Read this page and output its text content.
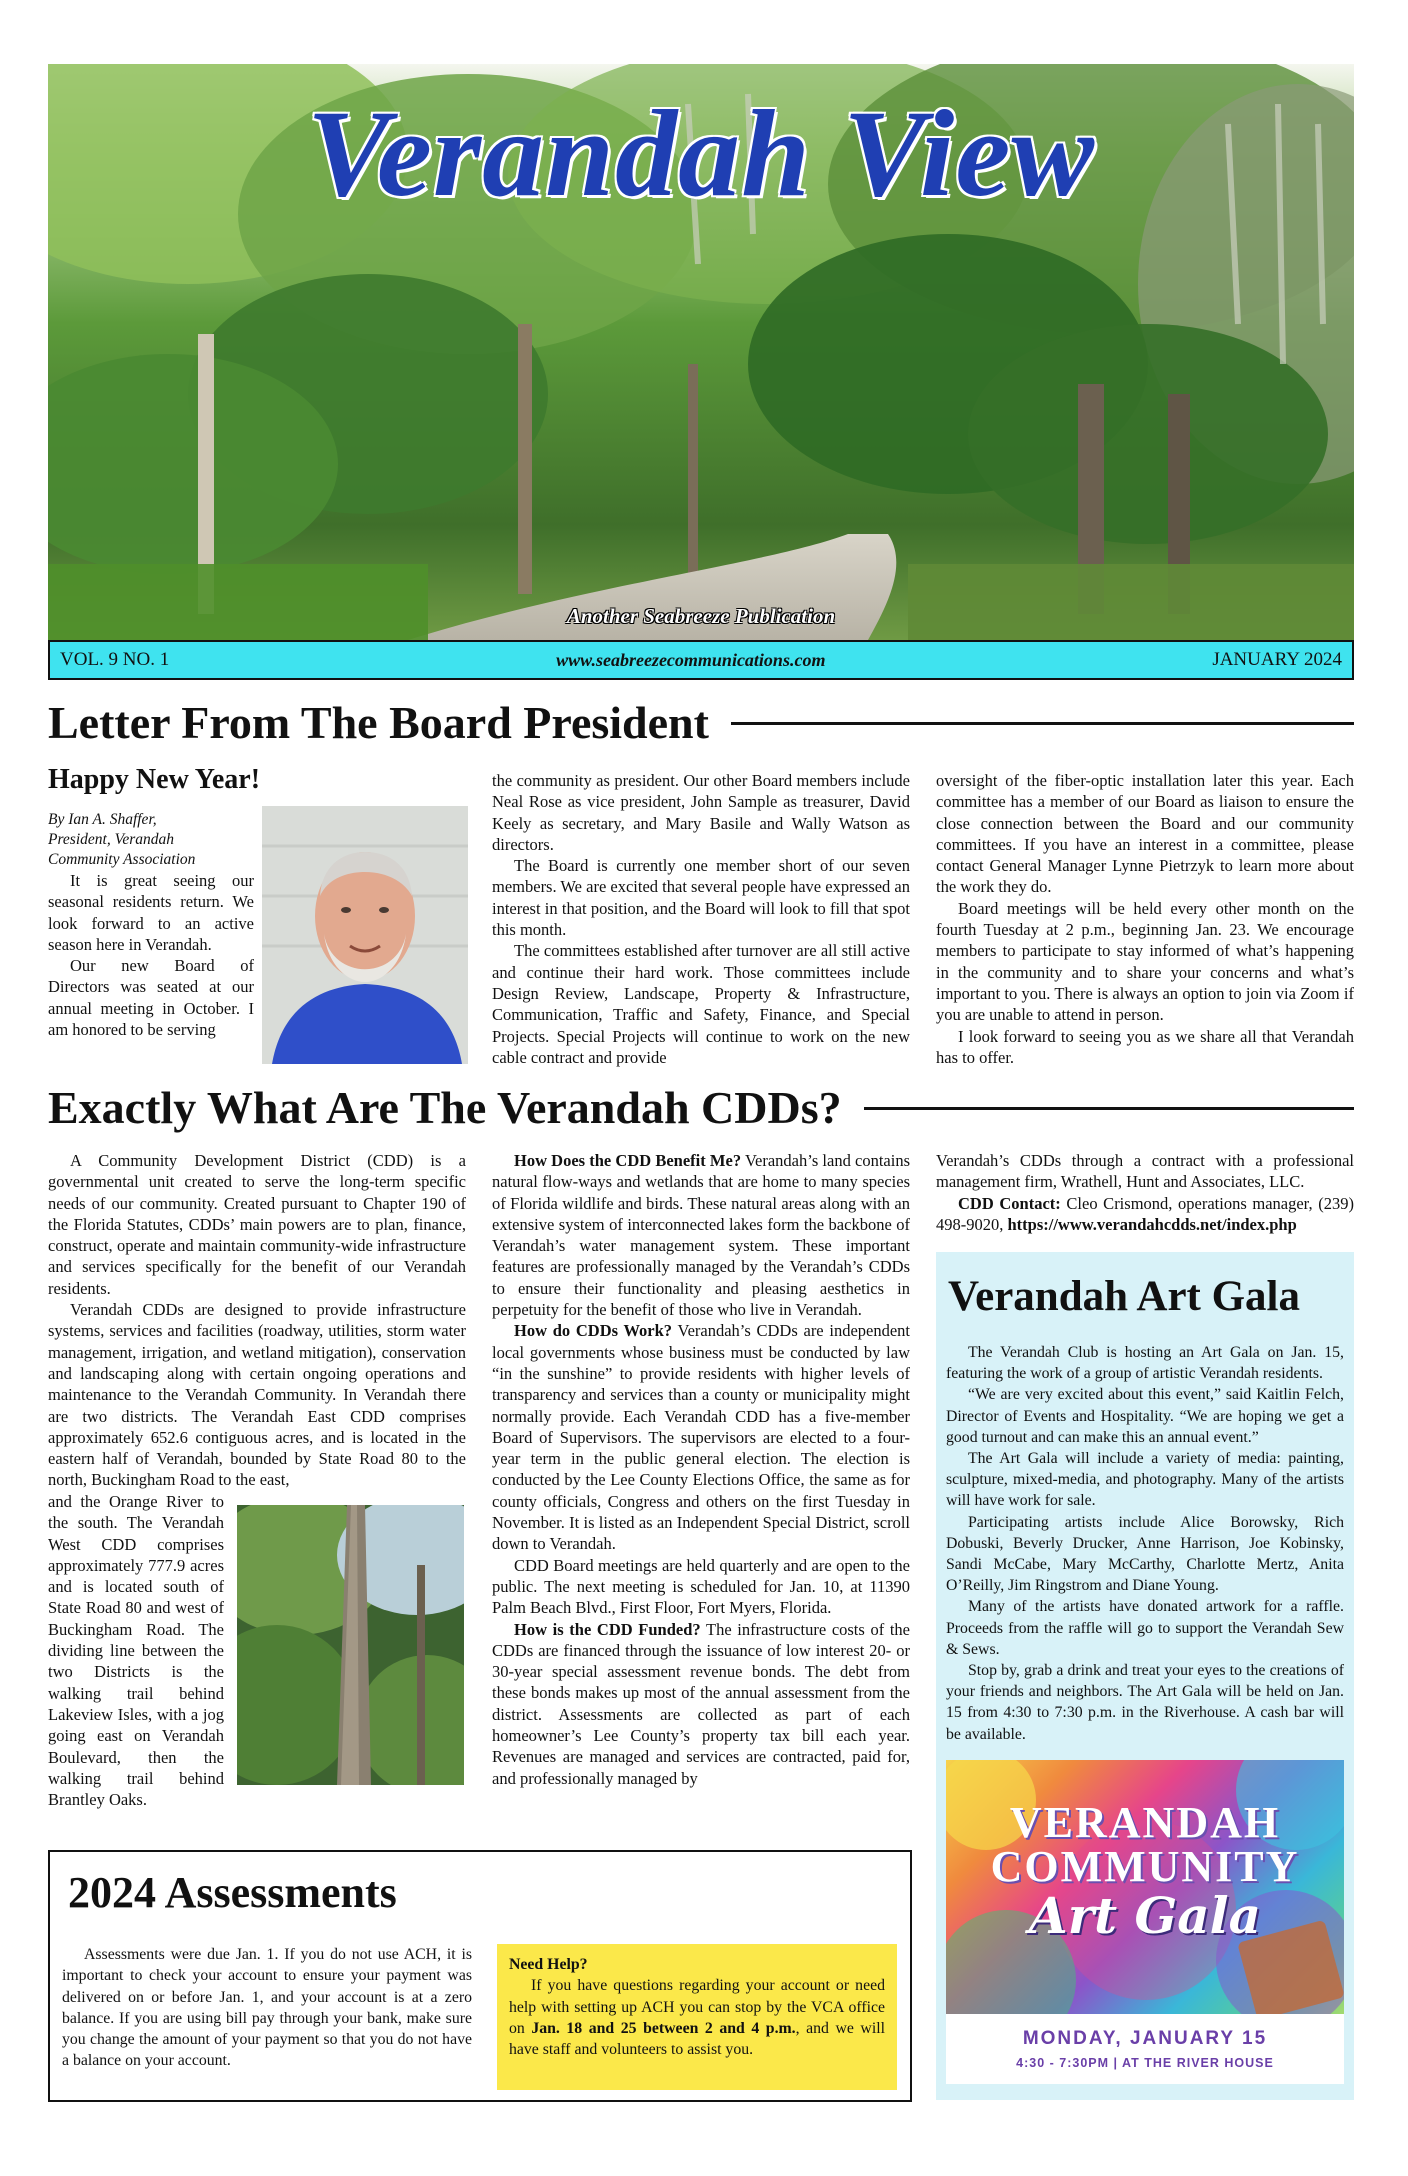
Verandah View
Another Seabreeze Publication
VOL. 9 NO. 1	www.seabreezecommunications.com	JANUARY 2024
Letter From The Board President
Happy New Year!
By Ian A. Shaffer,
President, Verandah
Community Association

It is great seeing our seasonal residents return. We look forward to an active season here in Verandah.

Our new Board of Directors was seated at our annual meeting in October. I am honored to be serving

the community as president. Our other Board members include Neal Rose as vice president, John Sample as treasurer, David Keely as secretary, and Mary Basile and Wally Watson as directors.

The Board is currently one member short of our seven members. We are excited that several people have expressed an interest in that position, and the Board will look to fill that spot this month.

The committees established after turnover are all still active and continue their hard work. Those committees include Design Review, Landscape, Property & Infrastructure, Communication, Traffic and Safety, Finance, and Special Projects. Special Projects will continue to work on the new cable contract and provide

oversight of the fiber-optic installation later this year. Each committee has a member of our Board as liaison to ensure the close connection between the Board and our community committees. If you have an interest in a committee, please contact General Manager Lynne Pietrzyk to learn more about the work they do.

Board meetings will be held every other month on the fourth Tuesday at 2 p.m., beginning Jan. 23. We encourage members to participate to stay informed of what’s happening in the community and to share your concerns and what’s important to you. There is always an option to join via Zoom if you are unable to attend in person.

I look forward to seeing you as we share all that Verandah has to offer.

Exactly What Are The Verandah CDDs?

A Community Development District (CDD) is a governmental unit created to serve the long-term specific needs of our community. Created pursuant to Chapter 190 of the Florida Statutes, CDDs’ main powers are to plan, finance, construct, operate and maintain community-wide infrastructure and services specifically for the benefit of our Verandah residents.

Verandah CDDs are designed to provide infrastructure systems, services and facilities (roadway, utilities, storm water management, irrigation, and wetland mitigation), conservation and landscaping along with certain ongoing operations and maintenance to the Verandah Community. In Verandah there are two districts. The Verandah East CDD comprises approximately 652.6 contiguous acres, and is located in the eastern half of Verandah, bounded by State Road 80 to the north, Buckingham Road to the east,

and the Orange River to the south. The Verandah West CDD comprises approximately 777.9 acres and is located south of State Road 80 and west of Buckingham Road. The dividing line between the two Districts is the walking trail behind Lakeview Isles, with a jog going east on Verandah Boulevard, then the walking trail behind Brantley Oaks.

How Does the CDD Benefit Me? Verandah’s land contains natural flow-ways and wetlands that are home to many species of Florida wildlife and birds. These natural areas along with an extensive system of interconnected lakes form the backbone of Verandah’s water management system. These important features are professionally managed by the Verandah’s CDDs to ensure their functionality and pleasing aesthetics in perpetuity for the benefit of those who live in Verandah.

How do CDDs Work? Verandah’s CDDs are independent local governments whose business must be conducted by law “in the sunshine” to provide residents with higher levels of transparency and services than a county or municipality might normally provide. Each Verandah CDD has a five-member Board of Supervisors. The supervisors are elected to a four-year term in the public general election. The election is conducted by the Lee County Elections Office, the same as for county officials, Congress and others on the first Tuesday in November. It is listed as an Independent Special District, scroll down to Verandah.

CDD Board meetings are held quarterly and are open to the public. The next meeting is scheduled for Jan. 10, at 11390 Palm Beach Blvd., First Floor, Fort Myers, Florida.

How is the CDD Funded? The infrastructure costs of the CDDs are financed through the issuance of low interest 20- or 30-year special assessment revenue bonds. The debt from these bonds makes up most of the annual assessment from the district. Assessments are collected as part of each homeowner’s Lee County’s property tax bill each year. Revenues are managed and services are contracted, paid for, and professionally managed by

Verandah’s CDDs through a contract with a professional management firm, Wrathell, Hunt and Associates, LLC.

CDD Contact: Cleo Crismond, operations manager, (239) 498-9020, https://www.verandahcdds.net/index.php

Verandah Art Gala

The Verandah Club is hosting an Art Gala on Jan. 15, featuring the work of a group of artistic Verandah residents.

“We are very excited about this event,” said Kaitlin Felch, Director of Events and Hospitality. “We are hoping we get a good turnout and can make this an annual event.”

The Art Gala will include a variety of media: painting, sculpture, mixed-media, and photography. Many of the artists will have work for sale.

Participating artists include Alice Borowsky, Rich Dobuski, Beverly Drucker, Anne Harrison, Joe Kobinsky, Sandi McCabe, Mary McCarthy, Charlotte Mertz, Anita O’Reilly, Jim Ringstrom and Diane Young.

Many of the artists have donated artwork for a raffle. Proceeds from the raffle will go to support the Verandah Sew & Sews.

Stop by, grab a drink and treat your eyes to the creations of your friends and neighbors. The Art Gala will be held on Jan. 15 from 4:30 to 7:30 p.m. in the Riverhouse. A cash bar will be available.

VERANDAH
COMMUNITY
Art Gala
MONDAY, JANUARY 15
4:30 - 7:30PM | AT THE RIVER HOUSE
2024 Assessments

Assessments were due Jan. 1. If you do not use ACH, it is important to check your account to ensure your payment was delivered on or before Jan. 1, and your account is at a zero balance. If you are using bill pay through your bank, make sure you change the amount of your payment so that you do not have a balance on your account.

Need Help?

If you have questions regarding your account or need help with setting up ACH you can stop by the VCA office on Jan. 18 and 25 between 2 and 4 p.m., and we will have staff and volunteers to assist you.
